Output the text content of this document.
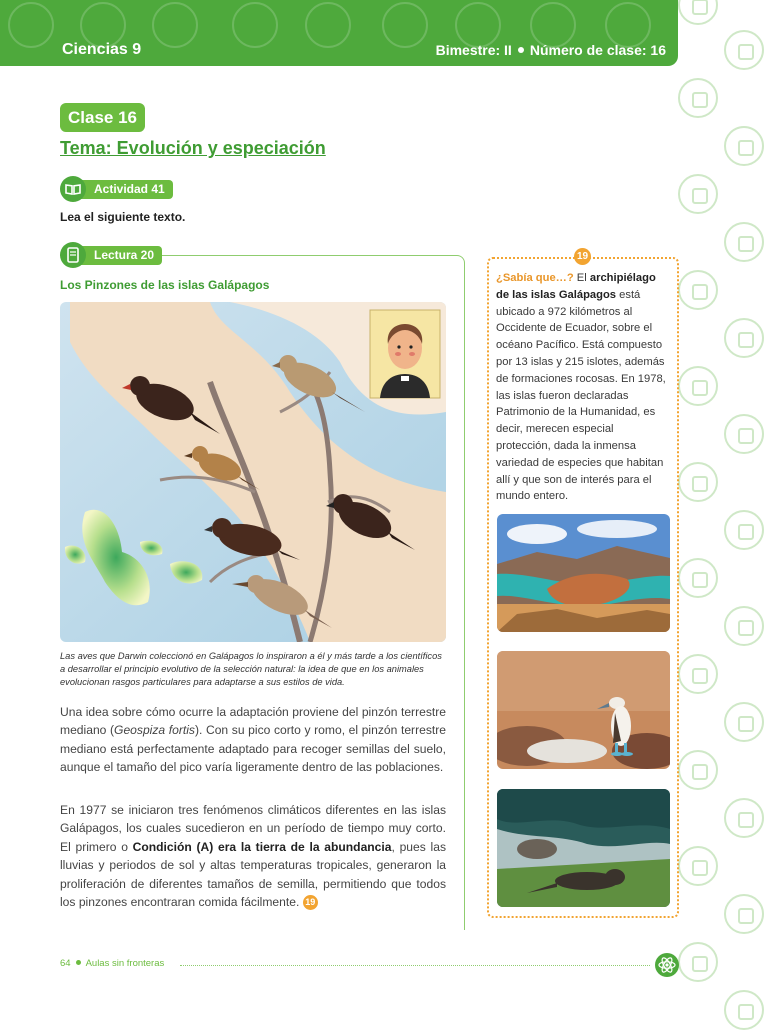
Ciencias 9	Bimestre: II Número de clase: 16
Clase 16
Tema: Evolución y especiación
Actividad 41
Lea el siguiente texto.
Lectura 20
Los Pinzones de las islas Galápagos
Las aves que Darwin coleccionó en Galápagos lo inspiraron a él y más tarde a los científicos a desarrollar el principio evolutivo de la selección natural: la idea de que en los animales evolucionan rasgos particulares para adaptarse a sus estilos de vida.

Una idea sobre cómo ocurre la adaptación proviene del pinzón terrestre mediano (Geospiza fortis). Con su pico corto y romo, el pinzón terrestre mediano está perfectamente adaptado para recoger semillas del suelo, aunque el tamaño del pico varía ligeramente dentro de las poblaciones.

En 1977 se iniciaron tres fenómenos climáticos diferentes en las islas Galápagos, los cuales sucedieron en un período de tiempo muy corto. El primero o Condición (A) era la tierra de la abundancia, pues las lluvias y periodos de sol y altas temperaturas tropicales, generaron la proliferación de diferentes tamaños de semilla, permitiendo que todos los pinzones encontraran comida fácilmente. 19

19
¿Sabía que…? El archipiélago de las islas Galápagos está ubicado a 972 kilómetros al Occidente de Ecuador, sobre el océano Pacífico. Está compuesto por 13 islas y 215 islotes, además de formaciones rocosas. En 1978, las islas fueron declaradas Patrimonio de la Humanidad, es decir, merecen especial protección, dada la inmensa variedad de especies que habitan allí y que son de interés para el mundo entero.
64 Aulas sin fronteras
